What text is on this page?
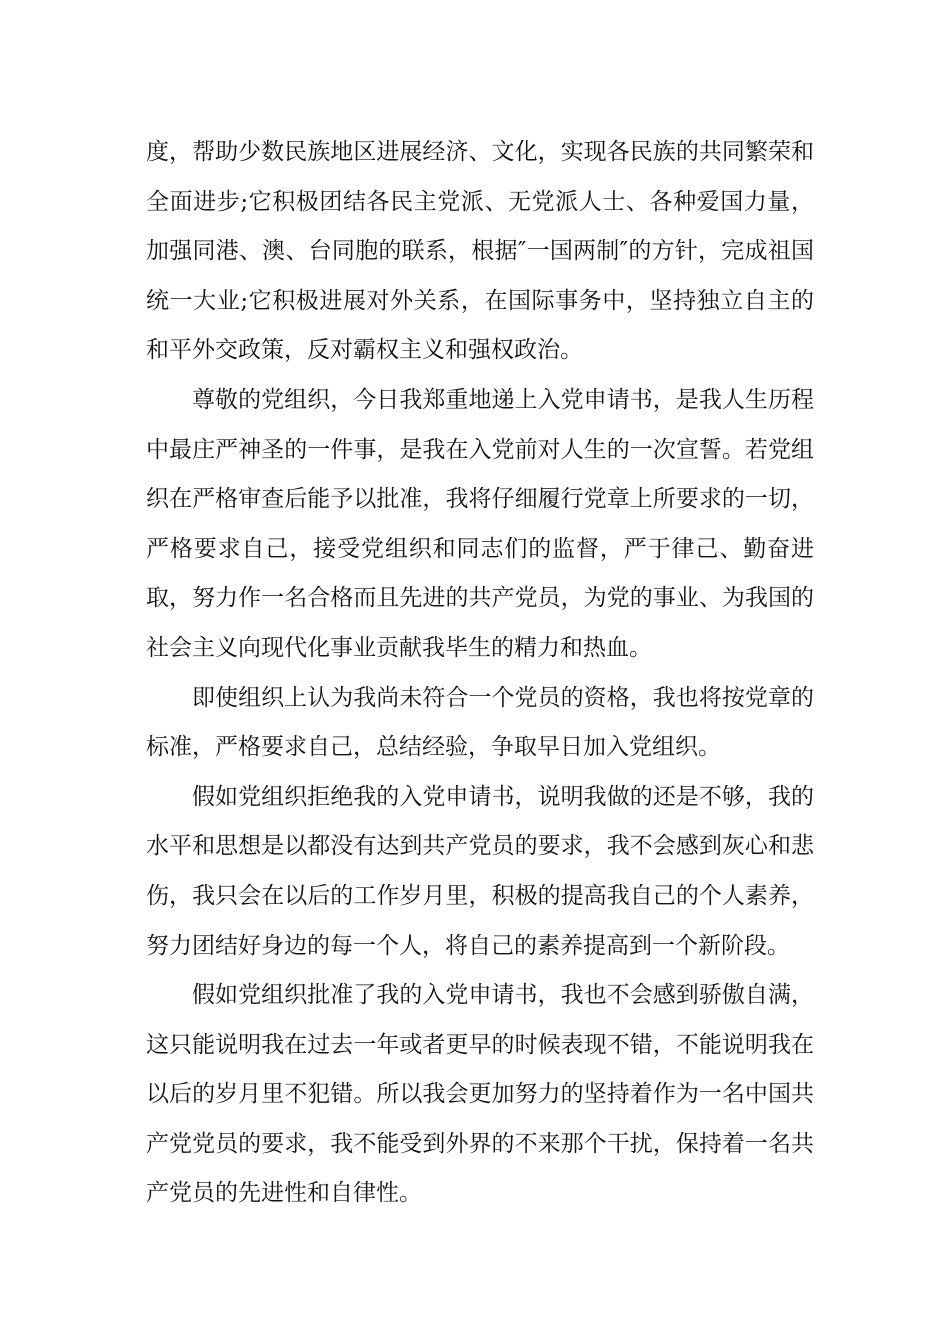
度，帮助少数民族地区进展经济、文化，实现各民族的共同繁荣和全面进步;它积极团结各民主党派、无党派人士、各种爱国力量，加强同港、澳、台同胞的联系，根据″一国两制″的方针，完成祖国统一大业;它积极进展对外关系，在国际事务中，坚持独立自主的和平外交政策，反对霸权主义和强权政治。

尊敬的党组织，今日我郑重地递上入党申请书，是我人生历程中最庄严神圣的一件事，是我在入党前对人生的一次宣誓。若党组织在严格审查后能予以批准，我将仔细履行党章上所要求的一切，严格要求自己，接受党组织和同志们的监督，严于律己、勤奋进取，努力作一名合格而且先进的共产党员，为党的事业、为我国的社会主义向现代化事业贡献我毕生的精力和热血。

即使组织上认为我尚未符合一个党员的资格，我也将按党章的标准，严格要求自己，总结经验，争取早日加入党组织。

假如党组织拒绝我的入党申请书，说明我做的还是不够，我的水平和思想是以都没有达到共产党员的要求，我不会感到灰心和悲伤，我只会在以后的工作岁月里，积极的提高我自己的个人素养，努力团结好身边的每一个人，将自己的素养提高到一个新阶段。

假如党组织批准了我的入党申请书，我也不会感到骄傲自满，这只能说明我在过去一年或者更早的时候表现不错，不能说明我在以后的岁月里不犯错。所以我会更加努力的坚持着作为一名中国共产党党员的要求，我不能受到外界的不来那个干扰，保持着一名共产党员的先进性和自律性。
